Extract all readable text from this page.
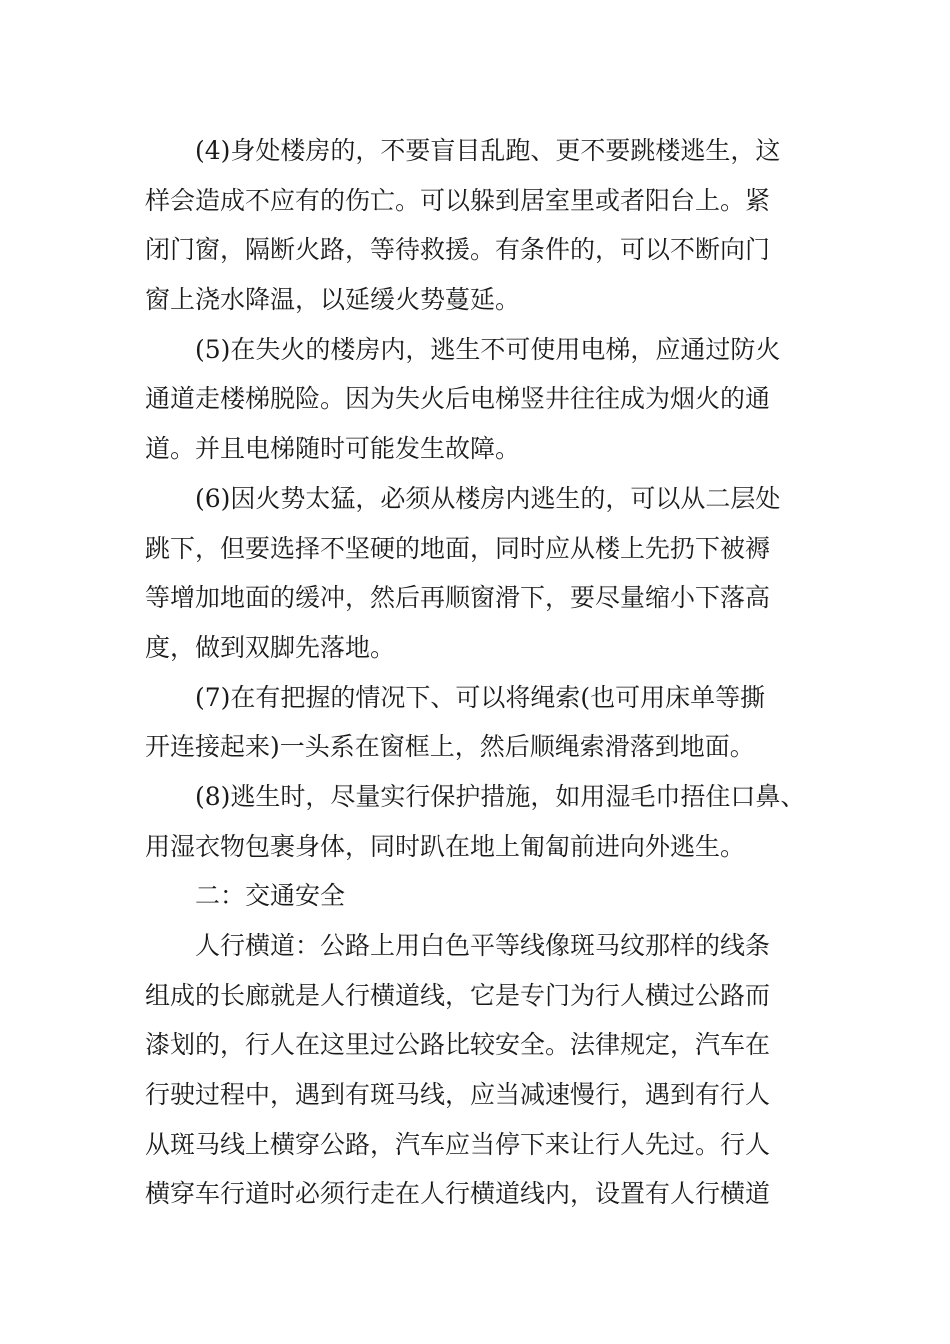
(4)身处楼房的，不要盲目乱跑、更不要跳楼逃生，这
样会造成不应有的伤亡。可以躲到居室里或者阳台上。紧
闭门窗，隔断火路，等待救援。有条件的，可以不断向门
窗上浇水降温，以延缓火势蔓延。
(5)在失火的楼房内，逃生不可使用电梯，应通过防火
通道走楼梯脱险。因为失火后电梯竖井往往成为烟火的通
道。并且电梯随时可能发生故障。
(6)因火势太猛，必须从楼房内逃生的，可以从二层处
跳下，但要选择不坚硬的地面，同时应从楼上先扔下被褥
等增加地面的缓冲，然后再顺窗滑下，要尽量缩小下落高
度，做到双脚先落地。
(7)在有把握的情况下、可以将绳索(也可用床单等撕
开连接起来)一头系在窗框上，然后顺绳索滑落到地面。
(8)逃生时，尽量实行保护措施，如用湿毛巾捂住口鼻、
用湿衣物包裹身体，同时趴在地上匍匐前进向外逃生。
二：交通安全
人行横道：公路上用白色平等线像斑马纹那样的线条
组成的长廊就是人行横道线，它是专门为行人横过公路而
漆划的，行人在这里过公路比较安全。法律规定，汽车在
行驶过程中，遇到有斑马线，应当减速慢行，遇到有行人
从斑马线上横穿公路，汽车应当停下来让行人先过。行人
横穿车行道时必须行走在人行横道线内，设置有人行横道
